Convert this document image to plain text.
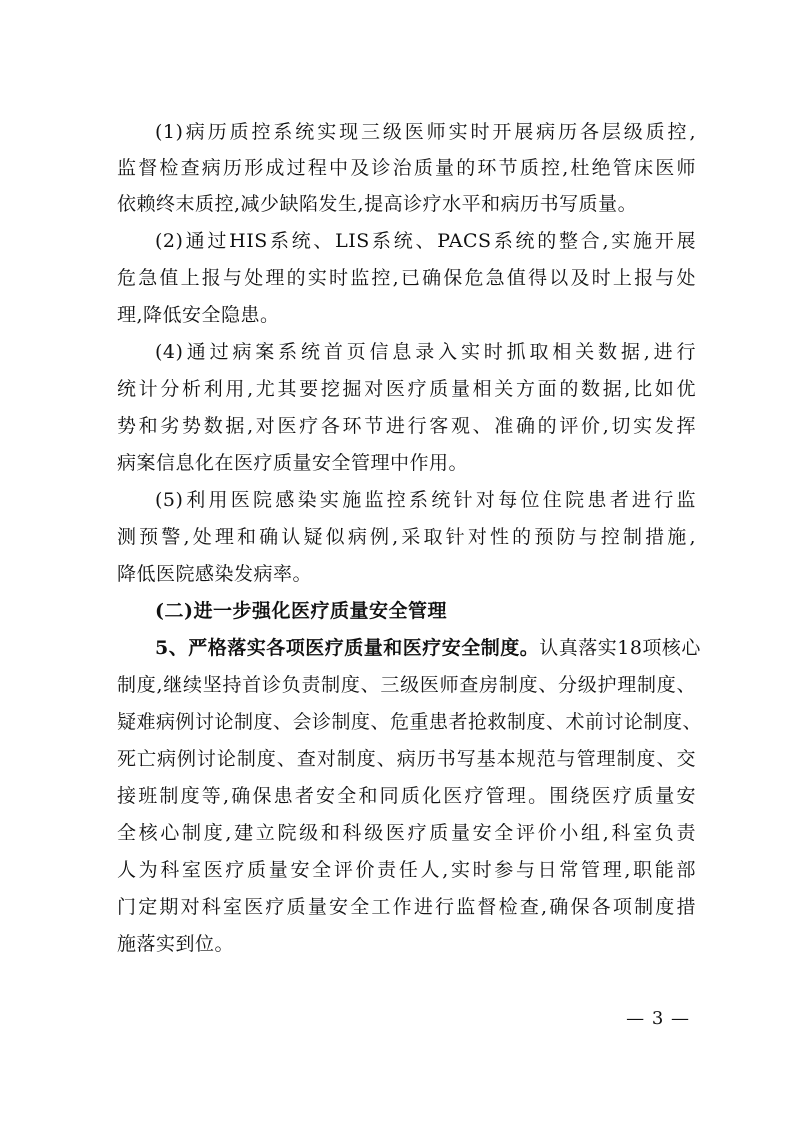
(1)病历质控系统实现三级医师实时开展病历各层级质控,
监督检查病历形成过程中及诊治质量的环节质控,杜绝管床医师
依赖终末质控,减少缺陷发生,提高诊疗水平和病历书写质量。
(2)通过HIS系统、LIS系统、PACS系统的整合,实施开展
危急值上报与处理的实时监控,已确保危急值得以及时上报与处
理,降低安全隐患。
(4)通过病案系统首页信息录入实时抓取相关数据,进行
统计分析利用,尤其要挖掘对医疗质量相关方面的数据,比如优
势和劣势数据,对医疗各环节进行客观、准确的评价,切实发挥
病案信息化在医疗质量安全管理中作用。
(5)利用医院感染实施监控系统针对每位住院患者进行监
测预警,处理和确认疑似病例,采取针对性的预防与控制措施,
降低医院感染发病率。
(二)进一步强化医疗质量安全管理
5、严格落实各项医疗质量和医疗安全制度。认真落实18项核心
制度,继续坚持首诊负责制度、三级医师查房制度、分级护理制度、
疑难病例讨论制度、会诊制度、危重患者抢救制度、术前讨论制度、
死亡病例讨论制度、查对制度、病历书写基本规范与管理制度、交
接班制度等,确保患者安全和同质化医疗管理。围绕医疗质量安
全核心制度,建立院级和科级医疗质量安全评价小组,科室负责
人为科室医疗质量安全评价责任人,实时参与日常管理,职能部
门定期对科室医疗质量安全工作进行监督检查,确保各项制度措
施落实到位。
— 3 —
